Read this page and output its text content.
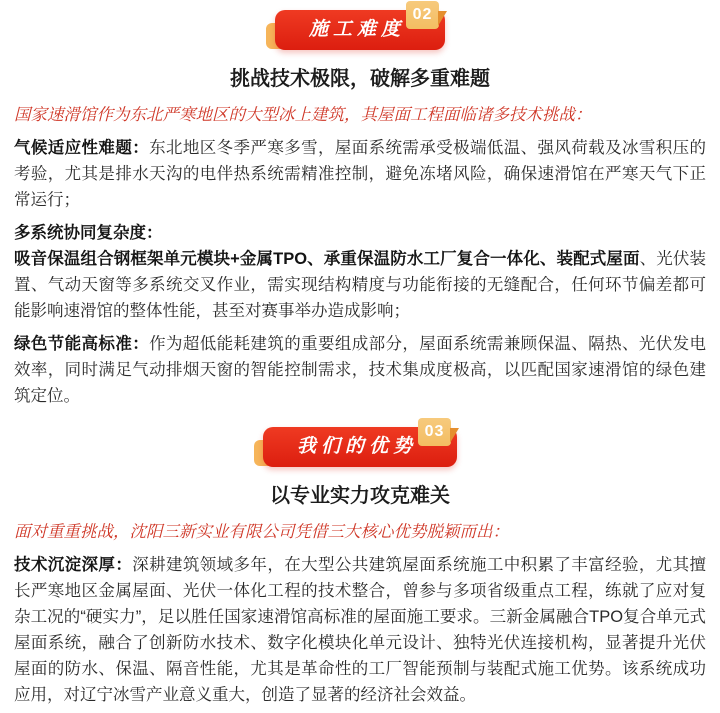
施工难度
02
挑战技术极限，破解多重难题

国家速滑馆作为东北严寒地区的大型冰上建筑，其屋面工程面临诸多技术挑战：

气候适应性难题：东北地区冬季严寒多雪，屋面系统需承受极端低温、强风荷载及冰雪积压的考验，尤其是排水天沟的电伴热系统需精准控制，避免冻堵风险，确保速滑馆在严寒天气下正常运行；

多系统协同复杂度：
吸音保温组合钢框架单元模块+金属TPO、承重保温防水工厂复合一体化、装配式屋面、光伏装置、气动天窗等多系统交叉作业，需实现结构精度与功能衔接的无缝配合，任何环节偏差都可能影响速滑馆的整体性能，甚至对赛事举办造成影响；

绿色节能高标准：作为超低能耗建筑的重要组成部分，屋面系统需兼顾保温、隔热、光伏发电效率，同时满足气动排烟天窗的智能控制需求，技术集成度极高，以匹配国家速滑馆的绿色建筑定位。

我们的优势
03
以专业实力攻克难关

面对重重挑战，沈阳三新实业有限公司凭借三大核心优势脱颖而出：

技术沉淀深厚：深耕建筑领域多年，在大型公共建筑屋面系统施工中积累了丰富经验，尤其擅长严寒地区金属屋面、光伏一体化工程的技术整合，曾参与多项省级重点工程，练就了应对复杂工况的“硬实力”，足以胜任国家速滑馆高标准的屋面施工要求。三新金属融合TPO复合单元式屋面系统，融合了创新防水技术、数字化模块化单元设计、独特光伏连接机构，显著提升光伏屋面的防水、保温、隔音性能，尤其是革命性的工厂智能预制与装配式施工优势。该系统成功应用，对辽宁冰雪产业意义重大，创造了显著的经济社会效益。
